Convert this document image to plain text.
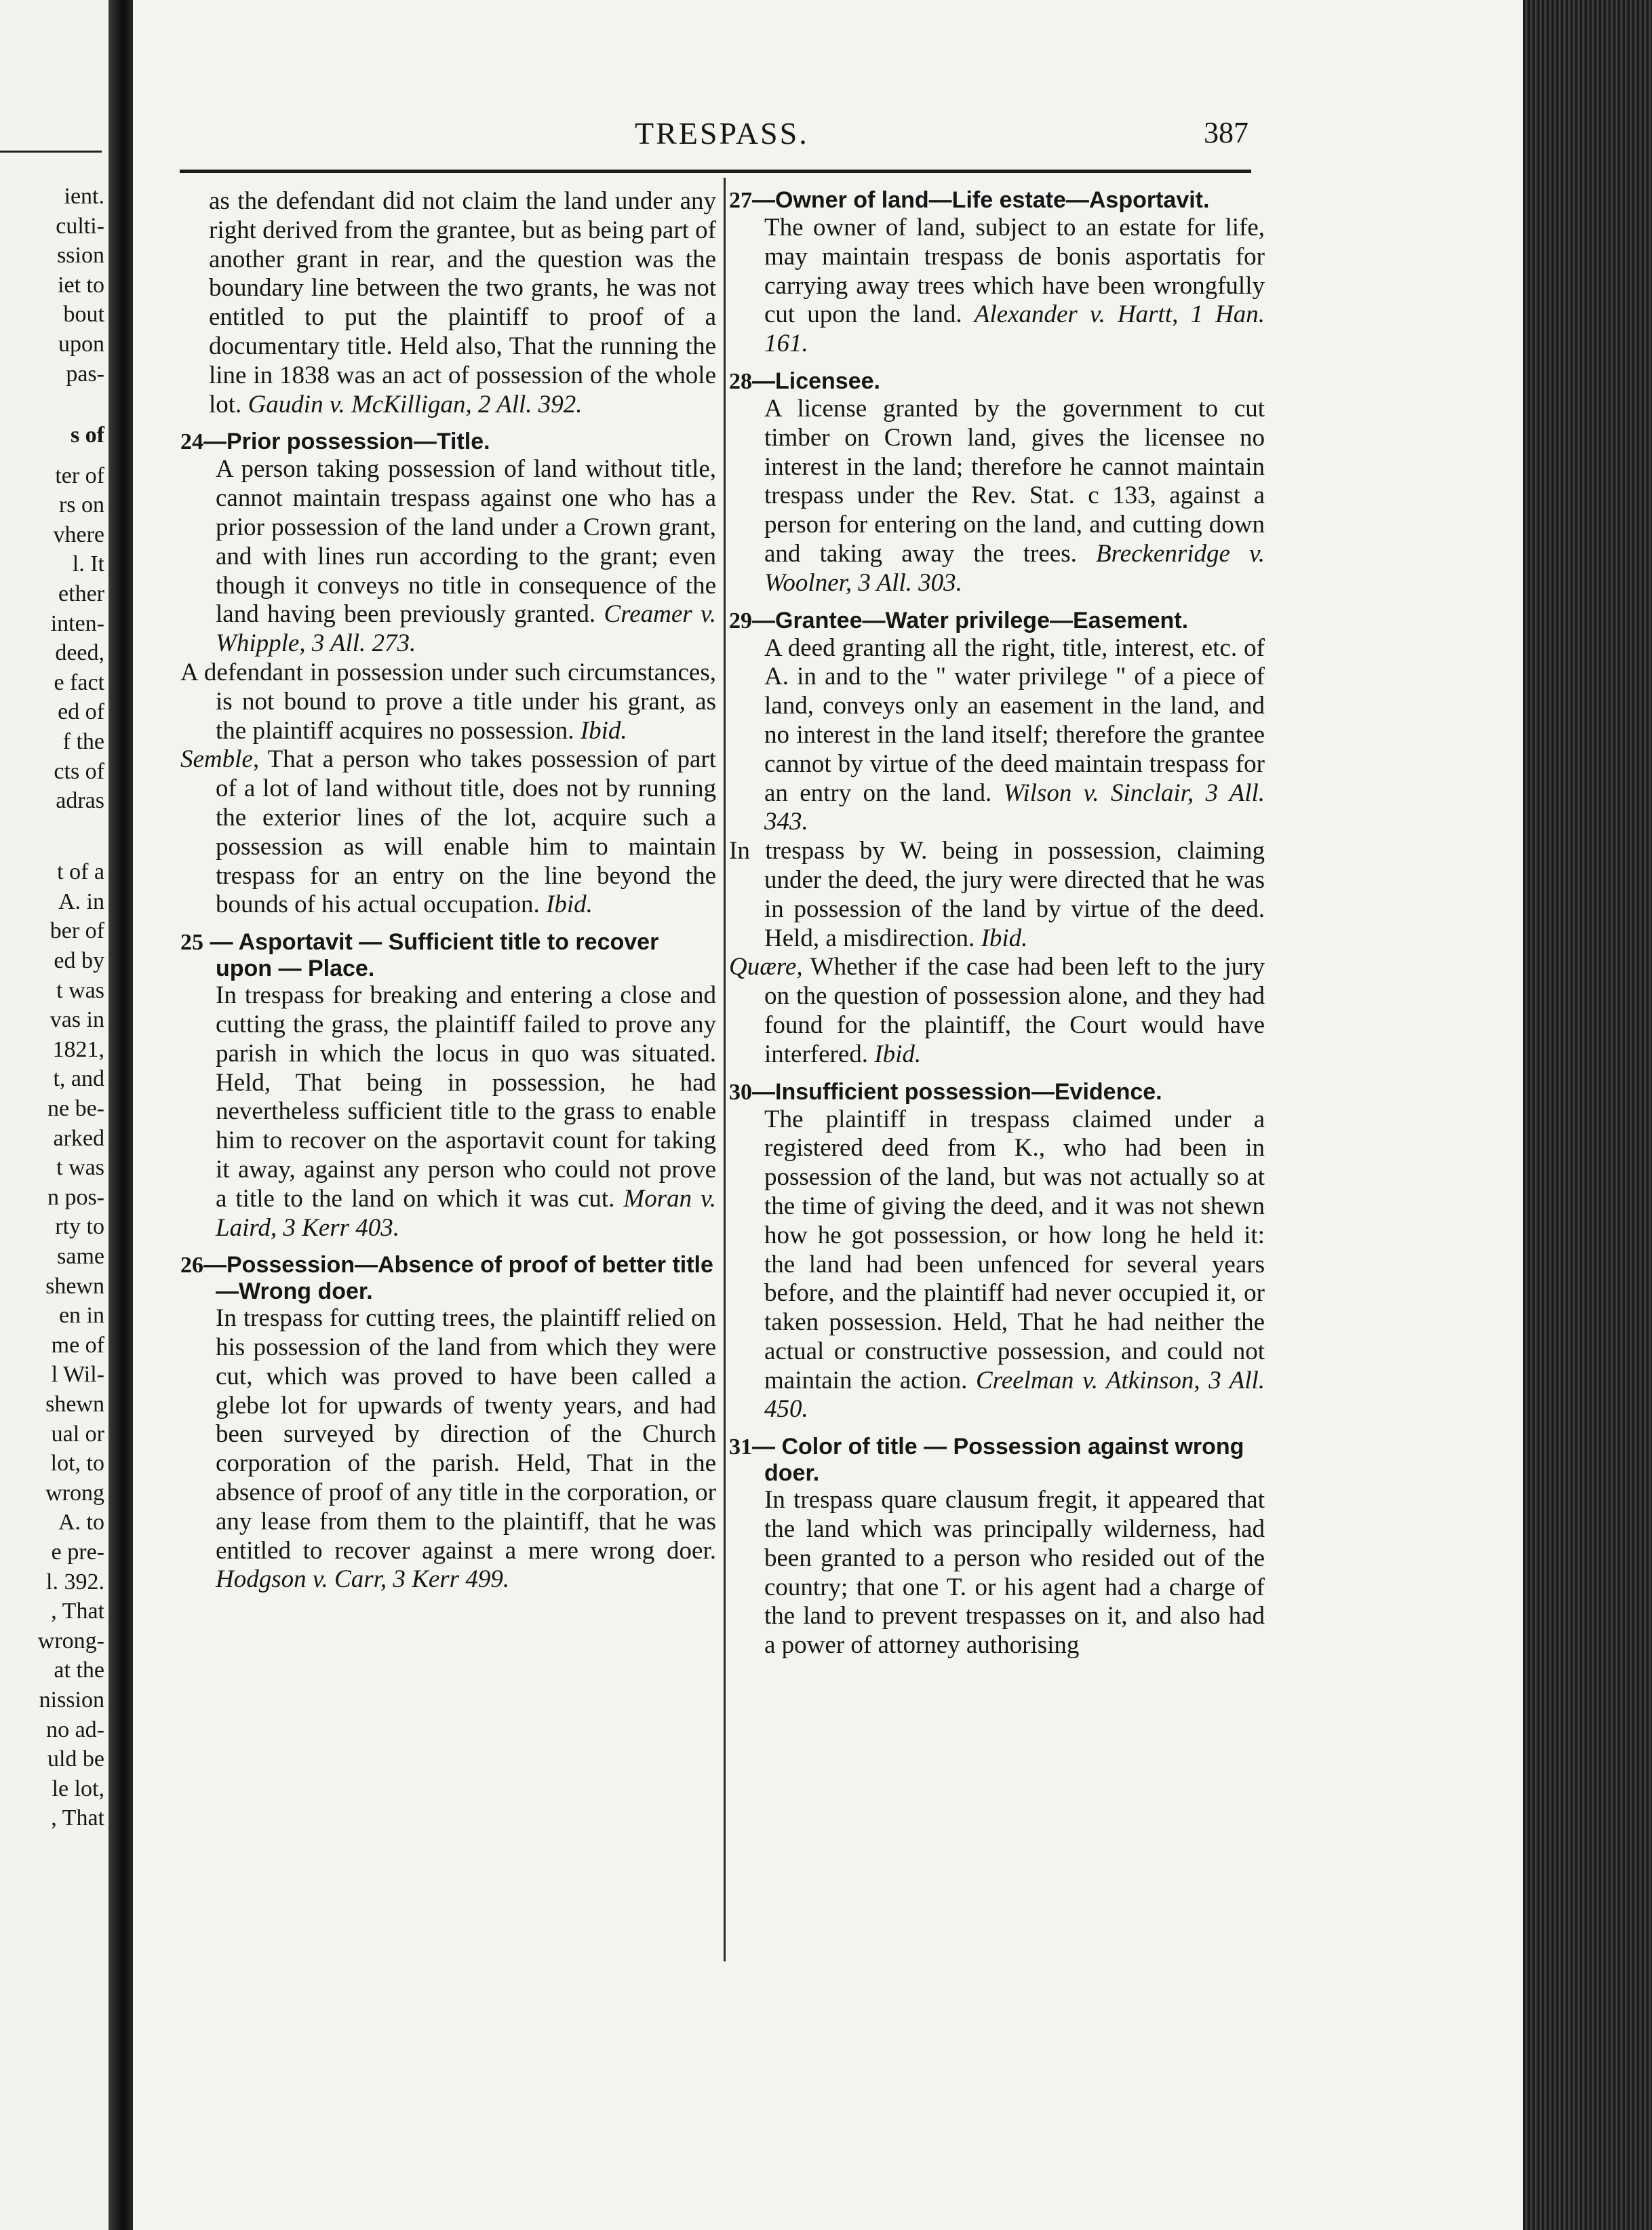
ient.
culti-
ssion
iet to
bout
upon
pas-
s of
ter of
rs on
vhere
l. It
ether
inten-
deed,
e fact
ed of
f the
cts of
adras
t of a
A. in
ber of
ed by
t was
vas in
1821,
t, and
ne be-
arked
t was
n pos-
rty to
same
shewn
en in
me of
l Wil-
shewn
ual or
lot, to
wrong
A. to
e pre-
l. 392.
, That
wrong-
at the
nission
no ad-
uld be
le lot,
, That
TRESPASS.	387

as the defendant did not claim the land under any right derived from the grantee, but as being part of another grant in rear, and the question was the boundary line between the two grants, he was not entitled to put the plaintiff to proof of a documentary title. Held also, That the running the line in 1838 was an act of possession of the whole lot. Gaudin v. McKilligan, 2 All. 392.

24—Prior possession—Title.

A person taking possession of land without title, cannot maintain trespass against one who has a prior possession of the land under a Crown grant, and with lines run according to the grant; even though it conveys no title in consequence of the land having been previously granted. Creamer v. Whipple, 3 All. 273.

A defendant in possession under such circumstances, is not bound to prove a title under his grant, as the plaintiff acquires no possession. Ibid.

Semble, That a person who takes possession of part of a lot of land without title, does not by running the exterior lines of the lot, acquire such a possession as will enable him to maintain trespass for an entry on the line beyond the bounds of his actual occupation. Ibid.

25 — Asportavit — Sufficient title to recover upon — Place.

In trespass for breaking and entering a close and cutting the grass, the plaintiff failed to prove any parish in which the locus in quo was situated. Held, That being in possession, he had nevertheless sufficient title to the grass to enable him to recover on the asportavit count for taking it away, against any person who could not prove a title to the land on which it was cut. Moran v. Laird, 3 Kerr 403.

26—Possession—Absence of proof of better title—Wrong doer.

In trespass for cutting trees, the plaintiff relied on his possession of the land from which they were cut, which was proved to have been called a glebe lot for upwards of twenty years, and had been surveyed by direction of the Church corporation of the parish. Held, That in the absence of proof of any title in the corporation, or any lease from them to the plaintiff, that he was entitled to recover against a mere wrong doer. Hodgson v. Carr, 3 Kerr 499.

27—Owner of land—Life estate—Asportavit.

The owner of land, subject to an estate for life, may maintain trespass de bonis asportatis for carrying away trees which have been wrongfully cut upon the land. Alexander v. Hartt, 1 Han. 161.

28—Licensee.

A license granted by the government to cut timber on Crown land, gives the licensee no interest in the land; therefore he cannot maintain trespass under the Rev. Stat. c 133, against a person for entering on the land, and cutting down and taking away the trees. Breckenridge v. Woolner, 3 All. 303.

29—Grantee—Water privilege—Easement.

A deed granting all the right, title, interest, etc. of A. in and to the " water privilege " of a piece of land, conveys only an easement in the land, and no interest in the land itself; therefore the grantee cannot by virtue of the deed maintain trespass for an entry on the land. Wilson v. Sinclair, 3 All. 343.

In trespass by W. being in possession, claiming under the deed, the jury were directed that he was in possession of the land by virtue of the deed. Held, a misdirection. Ibid.

Quære, Whether if the case had been left to the jury on the question of possession alone, and they had found for the plaintiff, the Court would have interfered. Ibid.

30—Insufficient possession—Evidence.

The plaintiff in trespass claimed under a registered deed from K., who had been in possession of the land, but was not actually so at the time of giving the deed, and it was not shewn how he got possession, or how long he held it: the land had been unfenced for several years before, and the plaintiff had never occupied it, or taken possession. Held, That he had neither the actual or constructive possession, and could not maintain the action. Creelman v. Atkinson, 3 All. 450.

31— Color of title — Possession against wrong doer.

In trespass quare clausum fregit, it appeared that the land which was principally wilderness, had been granted to a person who resided out of the country; that one T. or his agent had a charge of the land to prevent trespasses on it, and also had a power of attorney authorising
